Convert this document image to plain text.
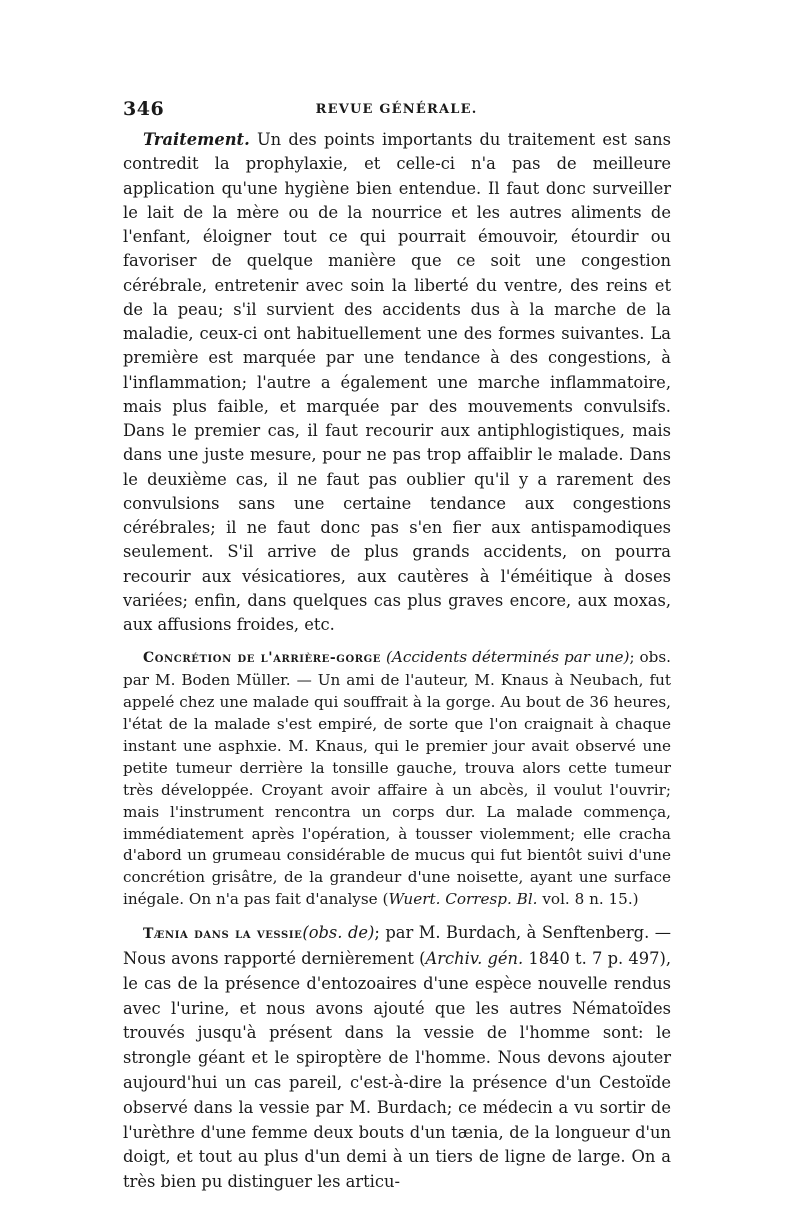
346	REVUE GÉNÉRALE.

Traitement. Un des points importants du traitement est sans contredit la prophylaxie, et celle-ci n'a pas de meilleure application qu'une hygiène bien entendue. Il faut donc surveiller le lait de la mère ou de la nourrice et les autres aliments de l'enfant, éloigner tout ce qui pourrait émouvoir, étourdir ou favoriser de quelque manière que ce soit une congestion cérébrale, entretenir avec soin la liberté du ventre, des reins et de la peau; s'il survient des accidents dus à la marche de la maladie, ceux-ci ont habituellement une des formes suivantes. La première est marquée par une tendance à des congestions, à l'inflammation; l'autre a également une marche inflammatoire, mais plus faible, et marquée par des mouvements convulsifs. Dans le premier cas, il faut recourir aux antiphlogistiques, mais dans une juste mesure, pour ne pas trop affaiblir le malade. Dans le deuxième cas, il ne faut pas oublier qu'il y a rarement des convulsions sans une certaine tendance aux congestions cérébrales; il ne faut donc pas s'en fier aux antispamodiques seulement. S'il arrive de plus grands accidents, on pourra recourir aux vésicatiores, aux cautères à l'éméitique à doses variées; enfin, dans quelques cas plus graves encore, aux moxas, aux affusions froides, etc.

Concrétion de l'arrière-gorge (Accidents déterminés par une); obs. par M. Boden Müller. — Un ami de l'auteur, M. Knaus à Neubach, fut appelé chez une malade qui souffrait à la gorge. Au bout de 36 heures, l'état de la malade s'est empiré, de sorte que l'on craignait à chaque instant une asphxie. M. Knaus, qui le premier jour avait observé une petite tumeur derrière la tonsille gauche, trouva alors cette tumeur très développée. Croyant avoir affaire à un abcès, il voulut l'ouvrir; mais l'instrument rencontra un corps dur. La malade commença, immédiatement après l'opération, à tousser violemment; elle cracha d'abord un grumeau considérable de mucus qui fut bientôt suivi d'une concrétion grisâtre, de la grandeur d'une noisette, ayant une surface inégale. On n'a pas fait d'analyse (Wuert. Corresp. Bl. vol. 8 n. 15.)

Tænia dans la vessie(obs. de); par M. Burdach, à Senftenberg. — Nous avons rapporté dernièrement (Archiv. gén. 1840 t. 7 p. 497), le cas de la présence d'entozoaires d'une espèce nouvelle rendus avec l'urine, et nous avons ajouté que les autres Nématoïdes trouvés jusqu'à présent dans la vessie de l'homme sont: le strongle géant et le spiroptère de l'homme. Nous devons ajouter aujourd'hui un cas pareil, c'est-à-dire la présence d'un Cestoïde observé dans la vessie par M. Burdach; ce médecin a vu sortir de l'urèthre d'une femme deux bouts d'un tænia, de la longueur d'un doigt, et tout au plus d'un demi à un tiers de ligne de large. On a très bien pu distinguer les articu-
